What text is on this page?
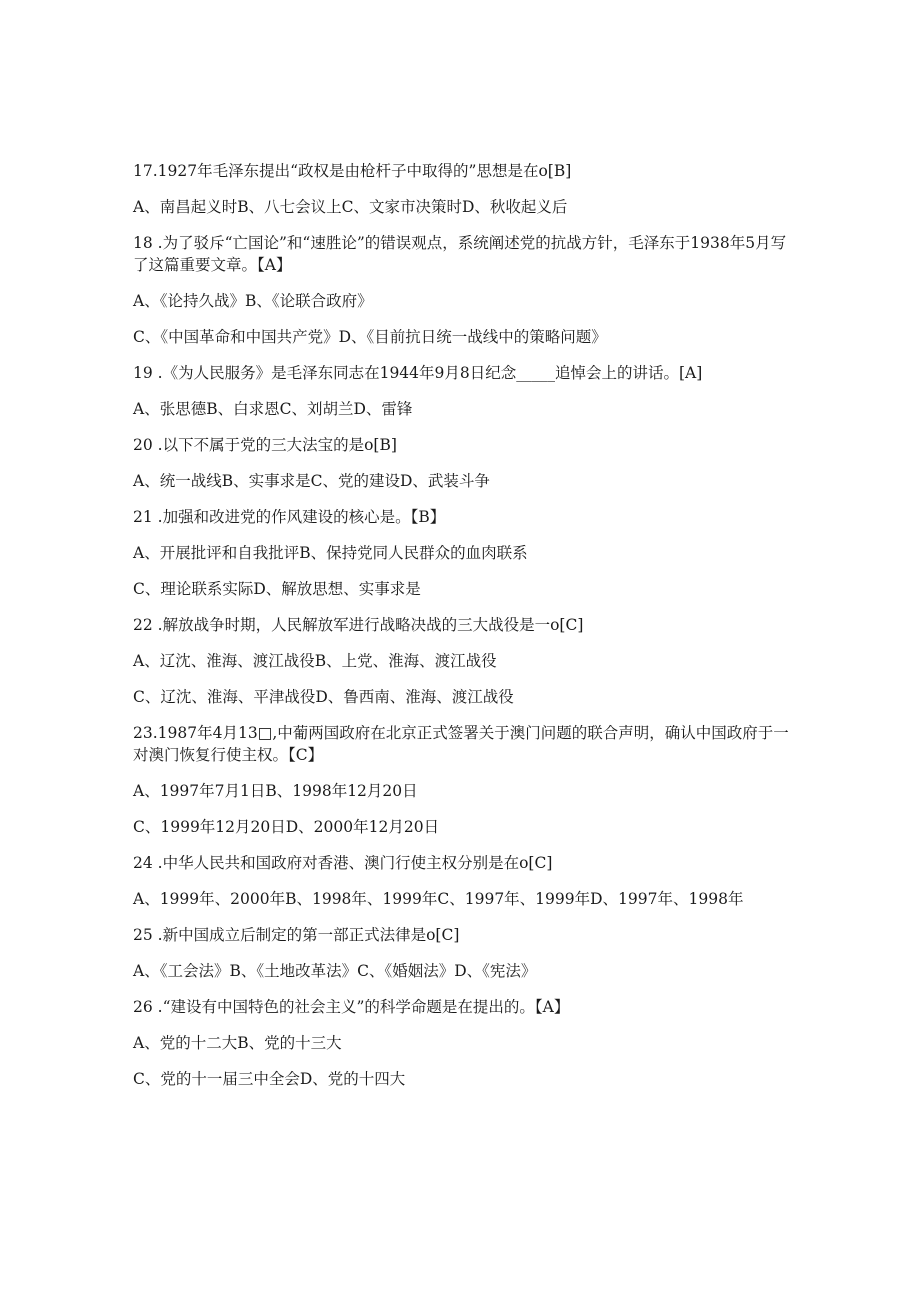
17.1927年毛泽东提出“政权是由枪杆子中取得的”思想是在o[B]

A、南昌起义时B、八七会议上C、文家市决策时D、秋收起义后

18 .为了驳斥“亡国论”和“速胜论”的错误观点，系统阐述党的抗战方针，毛泽东于1938年5月写了这篇重要文章。【A】

A、《论持久战》B、《论联合政府》

C、《中国革命和中国共产党》D、《目前抗日统一战线中的策略问题》

19 .《为人民服务》是毛泽东同志在1944年9月8日纪念_____追悼会上的讲话。[A]

A、张思德B、白求恩C、刘胡兰D、雷锋

20 .以下不属于党的三大法宝的是o[B]

A、统一战线B、实事求是C、党的建设D、武装斗争

21 .加强和改进党的作风建设的核心是。【B】

A、开展批评和自我批评B、保持党同人民群众的血肉联系

C、理论联系实际D、解放思想、实事求是

22 .解放战争时期，人民解放军进行战略决战的三大战役是一o[C]

A、辽沈、淮海、渡江战役B、上党、淮海、渡江战役

C、辽沈、淮海、平津战役D、鲁西南、淮海、渡江战役

23.1987年4月13□,中葡两国政府在北京正式签署关于澳门问题的联合声明，确认中国政府于一对澳门恢复行使主权。【C】

A、1997年7月1日B、1998年12月20日

C、1999年12月20日D、2000年12月20日

24 .中华人民共和国政府对香港、澳门行使主权分别是在o[C]

A、1999年、2000年B、1998年、1999年C、1997年、1999年D、1997年、1998年

25 .新中国成立后制定的第一部正式法律是o[C]

A、《工会法》B、《土地改革法》C、《婚姻法》D、《宪法》

26 .“建设有中国特色的社会主义”的科学命题是在提出的。【A】

A、党的十二大B、党的十三大

C、党的十一届三中全会D、党的十四大
